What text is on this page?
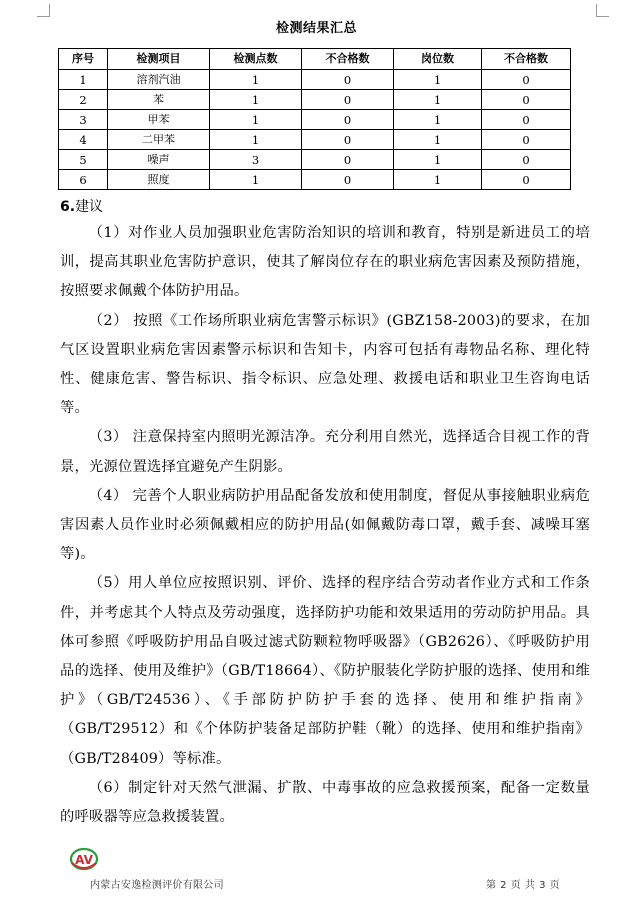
检测结果汇总
序号	检测项目	检测点数	不合格数	岗位数	不合格数
1	溶剂汽油	1	0	1	0
2	苯	1	0	1	0
3	甲苯	1	0	1	0
4	二甲苯	1	0	1	0
5	噪声	3	0	1	0
6	照度	1	0	1	0
6.建议

（1）对作业人员加强职业危害防治知识的培训和教育，特别是新进员工的培训，提高其职业危害防护意识，使其了解岗位存在的职业病危害因素及预防措施，按照要求佩戴个体防护用品。

（2） 按照《工作场所职业病危害警示标识》(GBZ158-2003)的要求，在加气区设置职业病危害因素警示标识和告知卡，内容可包括有毒物品名称、理化特性、健康危害、警告标识、指令标识、应急处理、救援电话和职业卫生咨询电话等。

（3） 注意保持室内照明光源洁净。充分利用自然光，选择适合目视工作的背景，光源位置选择宜避免产生阴影。

（4） 完善个人职业病防护用品配备发放和使用制度，督促从事接触职业病危害因素人员作业时必须佩戴相应的防护用品(如佩戴防毒口罩，戴手套、减噪耳塞等)。

（5）用人单位应按照识别、评价、选择的程序结合劳动者作业方式和工作条件，并考虑其个人特点及劳动强度，选择防护功能和效果适用的劳动防护用品。具体可参照《呼吸防护用品自吸过滤式防颗粒物呼吸器》（GB2626）、《呼吸防护用品的选择、使用及维护》（GB/T18664）、《防护服装化学防护服的选择、使用和维护》（GB/T24536）、《手部防护防护手套的选择、使用和维护指南》（GB/T29512）和《个体防护装备足部防护鞋（靴）的选择、使用和维护指南》（GB/T28409）等标准。

（6）制定针对天然气泄漏、扩散、中毒事故的应急救援预案，配备一定数量的呼吸器等应急救援装置。

AV
内蒙古安逸检测评价有限公司	第 2 页 共 3 页
